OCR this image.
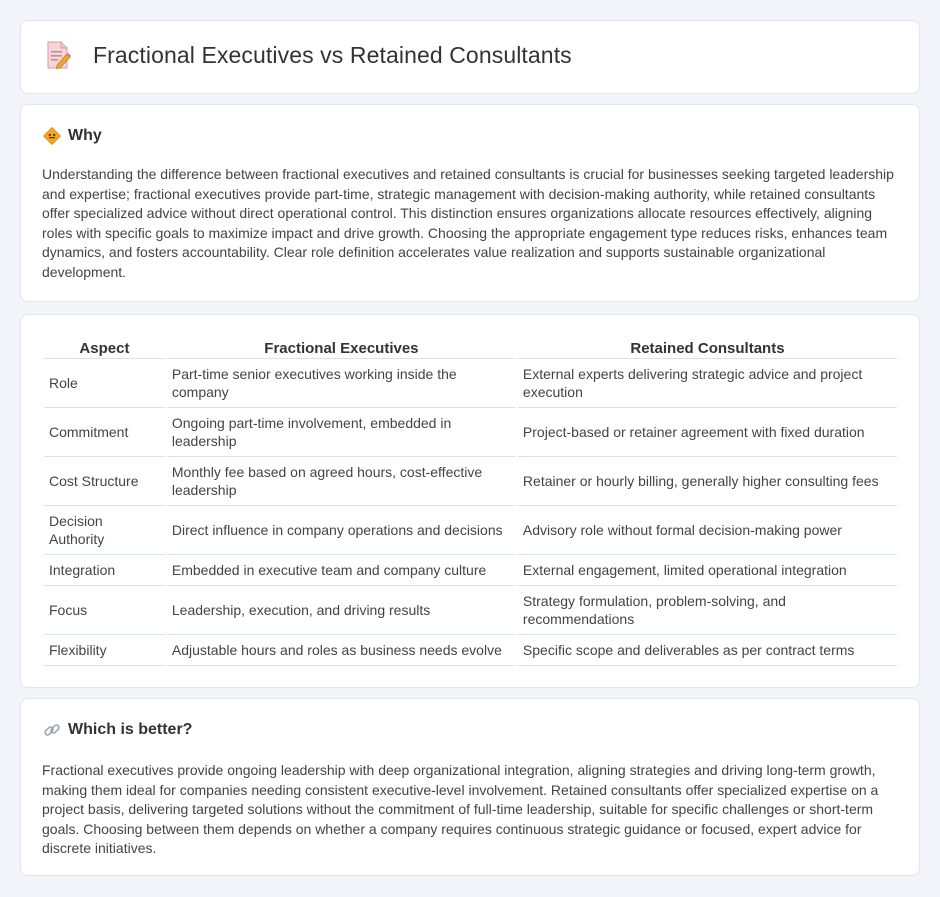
Fractional Executives vs Retained Consultants
Why

Understanding the difference between fractional executives and retained consultants is crucial for businesses seeking targeted leadership and expertise; fractional executives provide part-time, strategic management with decision-making authority, while retained consultants offer specialized advice without direct operational control. This distinction ensures organizations allocate resources effectively, aligning roles with specific goals to maximize impact and drive growth. Choosing the appropriate engagement type reduces risks, enhances team dynamics, and fosters accountability. Clear role definition accelerates value realization and supports sustainable organizational development.

Aspect	Fractional Executives	Retained Consultants
Role	Part-time senior executives working inside the company	External experts delivering strategic advice and project execution
Commitment	Ongoing part-time involvement, embedded in leadership	Project-based or retainer agreement with fixed duration
Cost Structure	Monthly fee based on agreed hours, cost-effective leadership	Retainer or hourly billing, generally higher consulting fees
Decision Authority	Direct influence in company operations and decisions	Advisory role without formal decision-making power
Integration	Embedded in executive team and company culture	External engagement, limited operational integration
Focus	Leadership, execution, and driving results	Strategy formulation, problem-solving, and recommendations
Flexibility	Adjustable hours and roles as business needs evolve	Specific scope and deliverables as per contract terms
Which is better?

Fractional executives provide ongoing leadership with deep organizational integration, aligning strategies and driving long-term growth, making them ideal for companies needing consistent executive-level involvement. Retained consultants offer specialized expertise on a project basis, delivering targeted solutions without the commitment of full-time leadership, suitable for specific challenges or short-term goals. Choosing between them depends on whether a company requires continuous strategic guidance or focused, expert advice for discrete initiatives.
